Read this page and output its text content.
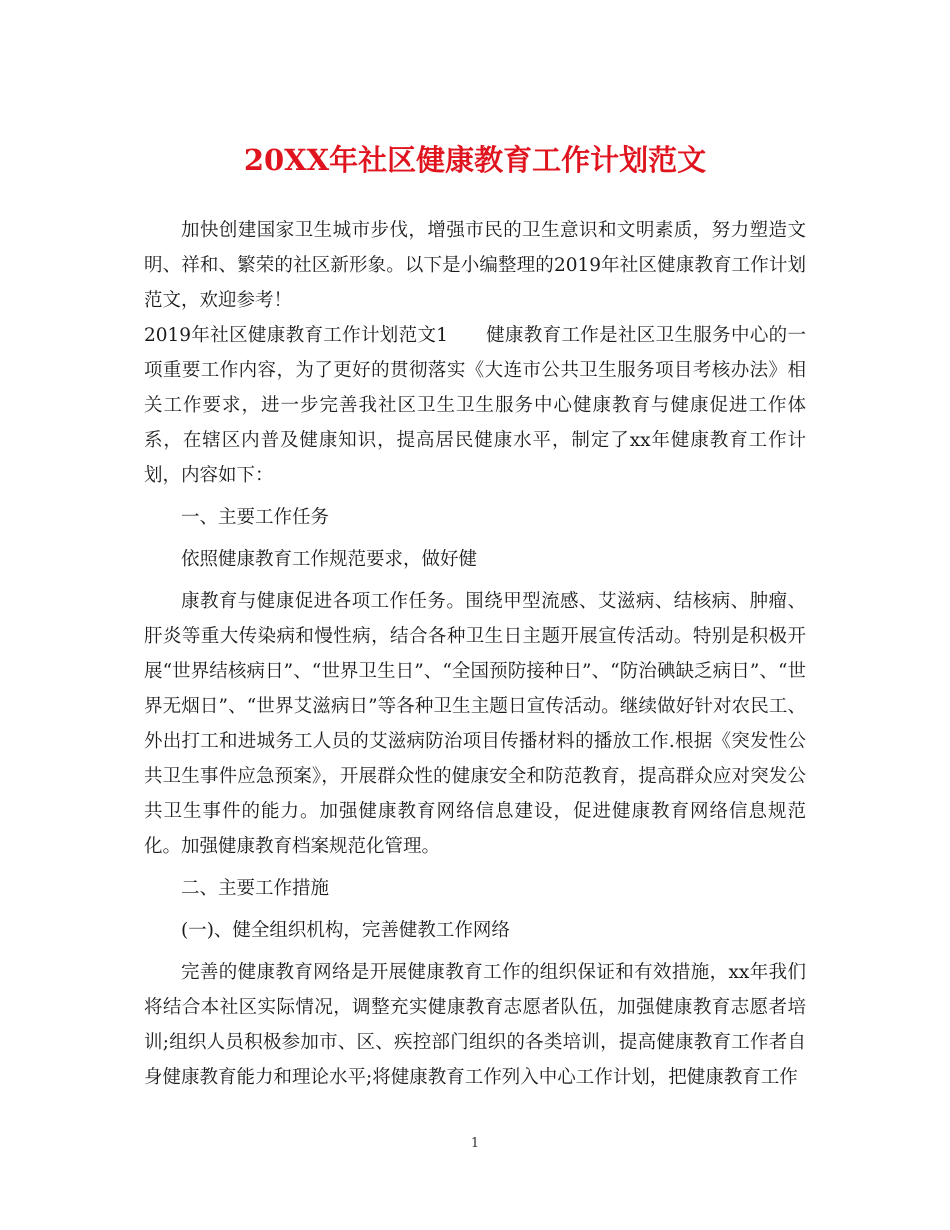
20XX年社区健康教育工作计划范文

加快创建国家卫生城市步伐，增强市民的卫生意识和文明素质，努力塑造文明、祥和、繁荣的社区新形象。以下是小编整理的2019年社区健康教育工作计划范文，欢迎参考！

2019年社区健康教育工作计划范文1　　健康教育工作是社区卫生服务中心的一项重要工作内容，为了更好的贯彻落实《大连市公共卫生服务项目考核办法》相关工作要求，进一步完善我社区卫生卫生服务中心健康教育与健康促进工作体系，在辖区内普及健康知识，提高居民健康水平，制定了xx年健康教育工作计划，内容如下：

一、主要工作任务

依照健康教育工作规范要求，做好健

康教育与健康促进各项工作任务。围绕甲型流感、艾滋病、结核病、肿瘤、肝炎等重大传染病和慢性病，结合各种卫生日主题开展宣传活动。特别是积极开展“世界结核病日”、“世界卫生日”、“全国预防接种日”、“防治碘缺乏病日”、“世界无烟日”、“世界艾滋病日”等各种卫生主题日宣传活动。继续做好针对农民工、外出打工和进城务工人员的艾滋病防治项目传播材料的播放工作.根据《突发性公共卫生事件应急预案》，开展群众性的健康安全和防范教育，提高群众应对突发公共卫生事件的能力。加强健康教育网络信息建设，促进健康教育网络信息规范化。加强健康教育档案规范化管理。

二、主要工作措施

(一)、健全组织机构，完善健教工作网络

完善的健康教育网络是开展健康教育工作的组织保证和有效措施，xx年我们将结合本社区实际情况，调整充实健康教育志愿者队伍，加强健康教育志愿者培训;组织人员积极参加市、区、疾控部门组织的各类培训，提高健康教育工作者自身健康教育能力和理论水平;将健康教育工作列入中心工作计划，把健康教育工作

1
